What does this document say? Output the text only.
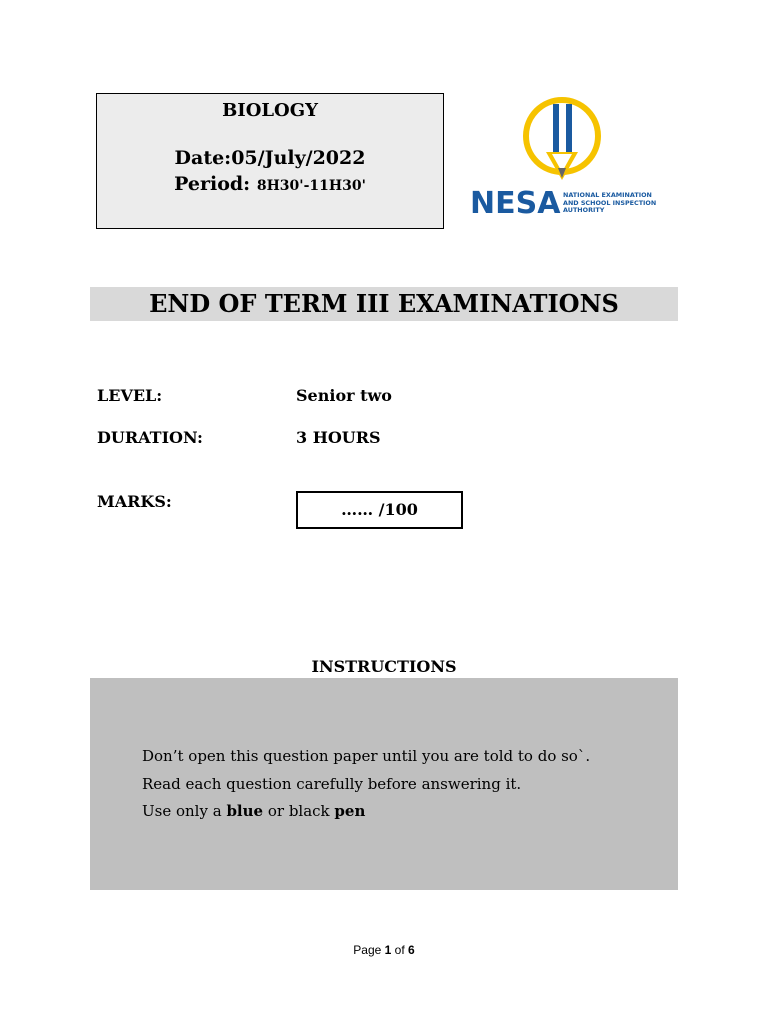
BIOLOGY
Date:05/July/2022
Period: 8H30'-11H30'	NESA NATIONAL EXAMINATION
AND SCHOOL INSPECTION
AUTHORITY
END OF TERM III EXAMINATIONS
LEVEL:	Senior two
DURATION:	3 HOURS
MARKS:	…… /100
INSTRUCTIONS
Don’t open this question paper until you are told to do so`.
Read each question carefully before answering it.
Use only a blue or black pen
Page 1 of 6
